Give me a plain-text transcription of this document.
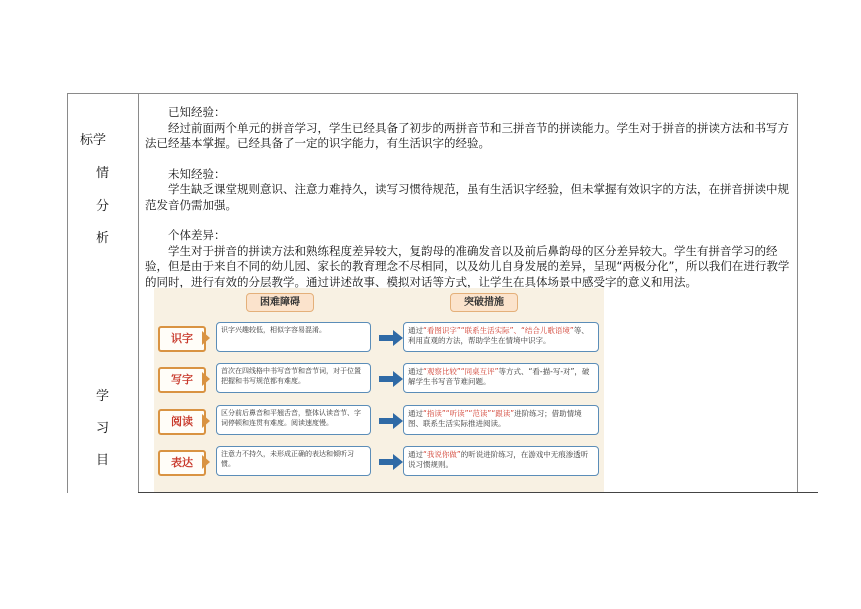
标学
情
分
析
学
习
目

已知经验：

经过前面两个单元的拼音学习，学生已经具备了初步的两拼音节和三拼音节的拼读能力。学生对于拼音的拼读方法和书写方法已经基本掌握。已经具备了一定的识字能力，有生活识字的经验。

未知经验：

学生缺乏课堂规则意识、注意力难持久，读写习惯待规范，虽有生活识字经验，但未掌握有效识字的方法，在拼音拼读中规范发音仍需加强。

个体差异：

学生对于拼音的拼读方法和熟练程度差异较大，复韵母的准确发音以及前后鼻韵母的区分差异较大。学生有拼音学习的经验，但是由于来自不同的幼儿园、家长的教育理念不尽相同，以及幼儿自身发展的差异，呈现“两极分化”，所以我们在进行教学的同时，进行有效的分层教学。通过讲述故事、模拟对话等方式，让学生在具体场景中感受字的意义和用法。

困难障碍	突破措施
识字
识字兴趣较低，相似字容易混淆。	通过“看图识字”“联系生活实际”、“结合儿歌语境”等、利用直观的方法，帮助学生在情境中识字。
写字
首次在四线格中书写音节和音节词，对于位置把握和书写规范都有难度。
通过“观察比较”“同桌互评”等方式、“看-描-写-对”，破解学生书写音节难问题。
阅读
区分前后鼻音和平翘舌音，整体认读音节、字词停顿和连贯有难度。阅读速度慢。
通过“指读”“听读”“范读”“跟读”进阶练习；借助情境图、联系生活实际推进阅读。
表达
注意力不持久，未形成正确的表达和倾听习惯。
通过“我说你做”的听说进阶练习，在游戏中无痕渗透听说习惯规则。
